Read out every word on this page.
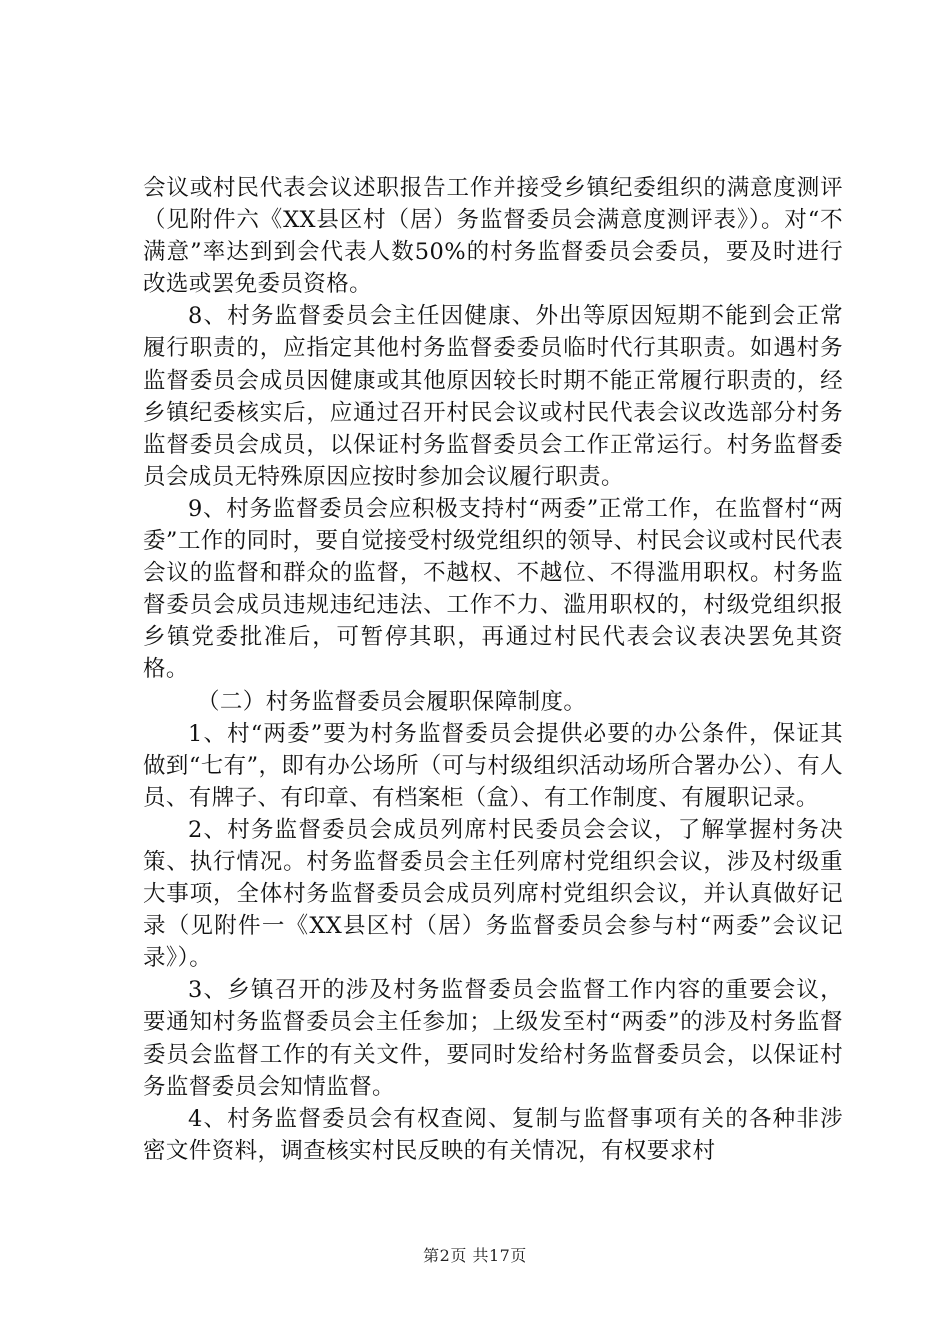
会议或村民代表会议述职报告工作并接受乡镇纪委组织的满意度测评（见附件六《XX县区村（居）务监督委员会满意度测评表》）。对“不满意”率达到到会代表人数50%的村务监督委员会委员，要及时进行改选或罢免委员资格。

8、村务监督委员会主任因健康、外出等原因短期不能到会正常履行职责的，应指定其他村务监督委委员临时代行其职责。如遇村务监督委员会成员因健康或其他原因较长时期不能正常履行职责的，经乡镇纪委核实后，应通过召开村民会议或村民代表会议改选部分村务监督委员会成员，以保证村务监督委员会工作正常运行。村务监督委员会成员无特殊原因应按时参加会议履行职责。

9、村务监督委员会应积极支持村“两委”正常工作，在监督村“两委”工作的同时，要自觉接受村级党组织的领导、村民会议或村民代表会议的监督和群众的监督，不越权、不越位、不得滥用职权。村务监督委员会成员违规违纪违法、工作不力、滥用职权的，村级党组织报乡镇党委批准后，可暂停其职，再通过村民代表会议表决罢免其资格。

（二）村务监督委员会履职保障制度。

1、村“两委”要为村务监督委员会提供必要的办公条件，保证其做到“七有”，即有办公场所（可与村级组织活动场所合署办公）、有人员、有牌子、有印章、有档案柜（盒）、有工作制度、有履职记录。

2、村务监督委员会成员列席村民委员会会议，了解掌握村务决策、执行情况。村务监督委员会主任列席村党组织会议，涉及村级重大事项，全体村务监督委员会成员列席村党组织会议，并认真做好记录（见附件一《XX县区村（居）务监督委员会参与村“两委”会议记录》）。

3、乡镇召开的涉及村务监督委员会监督工作内容的重要会议，要通知村务监督委员会主任参加；上级发至村“两委”的涉及村务监督委员会监督工作的有关文件，要同时发给村务监督委员会，以保证村务监督委员会知情监督。

4、村务监督委员会有权查阅、复制与监督事项有关的各种非涉密文件资料，调查核实村民反映的有关情况，有权要求村

第2页 共17页
